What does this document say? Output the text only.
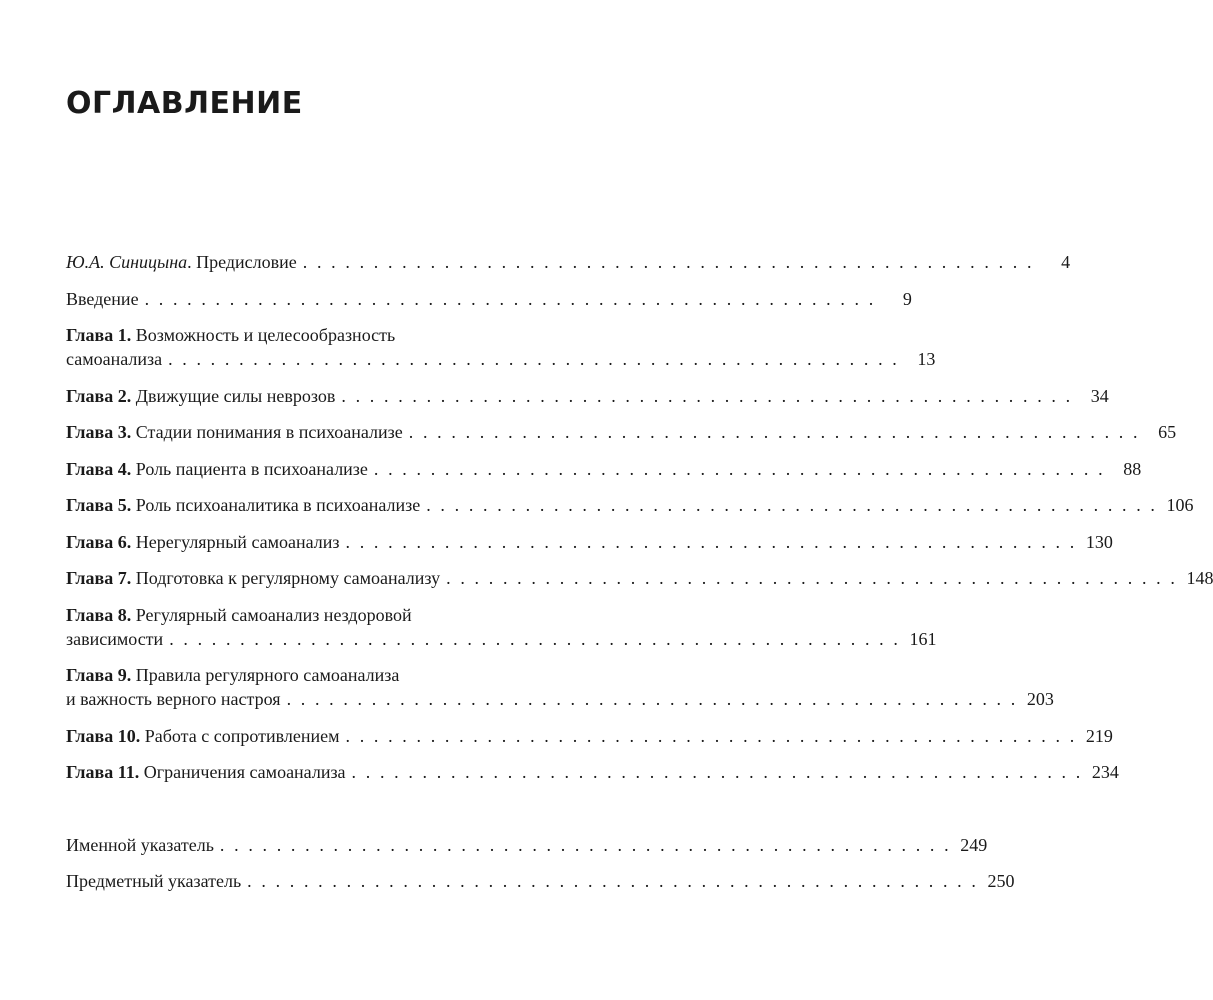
ОГЛАВЛЕНИЕ
Ю.А. Синицына. Предисловие . . . . . . . . . . . . . . . . . . . . . . . . . . . . . . . . . . . . . . . . . . . . . . . . . . . .	4
Введение . . . . . . . . . . . . . . . . . . . . . . . . . . . . . . . . . . . . . . . . . . . . . . . . . . . .	9
Глава 1. Возможность и целесообразность
самоанализа . . . . . . . . . . . . . . . . . . . . . . . . . . . . . . . . . . . . . . . . . . . . . . . . . . . .	13
Глава 2. Движущие силы неврозов . . . . . . . . . . . . . . . . . . . . . . . . . . . . . . . . . . . . . . . . . . . . . . . . . . . .	34
Глава 3. Стадии понимания в психоанализе . . . . . . . . . . . . . . . . . . . . . . . . . . . . . . . . . . . . . . . . . . . . . . . . . . . .	65
Глава 4. Роль пациента в психоанализе . . . . . . . . . . . . . . . . . . . . . . . . . . . . . . . . . . . . . . . . . . . . . . . . . . . .	88
Глава 5. Роль психоаналитика в психоанализе . . . . . . . . . . . . . . . . . . . . . . . . . . . . . . . . . . . . . . . . . . . . . . . . . . . . 106
Глава 6. Нерегулярный самоанализ . . . . . . . . . . . . . . . . . . . . . . . . . . . . . . . . . . . . . . . . . . . . . . . . . . . . 130
Глава 7. Подготовка к регулярному самоанализу . . . . . . . . . . . . . . . . . . . . . . . . . . . . . . . . . . . . . . . . . . . . . . . . . . . . 148
Глава 8. Регулярный самоанализ нездоровой
зависимости . . . . . . . . . . . . . . . . . . . . . . . . . . . . . . . . . . . . . . . . . . . . . . . . . . . . 161
Глава 9. Правила регулярного самоанализа
и важность верного настроя . . . . . . . . . . . . . . . . . . . . . . . . . . . . . . . . . . . . . . . . . . . . . . . . . . . . 203
Глава 10. Работа с сопротивлением . . . . . . . . . . . . . . . . . . . . . . . . . . . . . . . . . . . . . . . . . . . . . . . . . . . . 219
Глава 11. Ограничения самоанализа . . . . . . . . . . . . . . . . . . . . . . . . . . . . . . . . . . . . . . . . . . . . . . . . . . . . 234
Именной указатель . . . . . . . . . . . . . . . . . . . . . . . . . . . . . . . . . . . . . . . . . . . . . . . . . . . . 249
Предметный указатель . . . . . . . . . . . . . . . . . . . . . . . . . . . . . . . . . . . . . . . . . . . . . . . . . . . . 250
